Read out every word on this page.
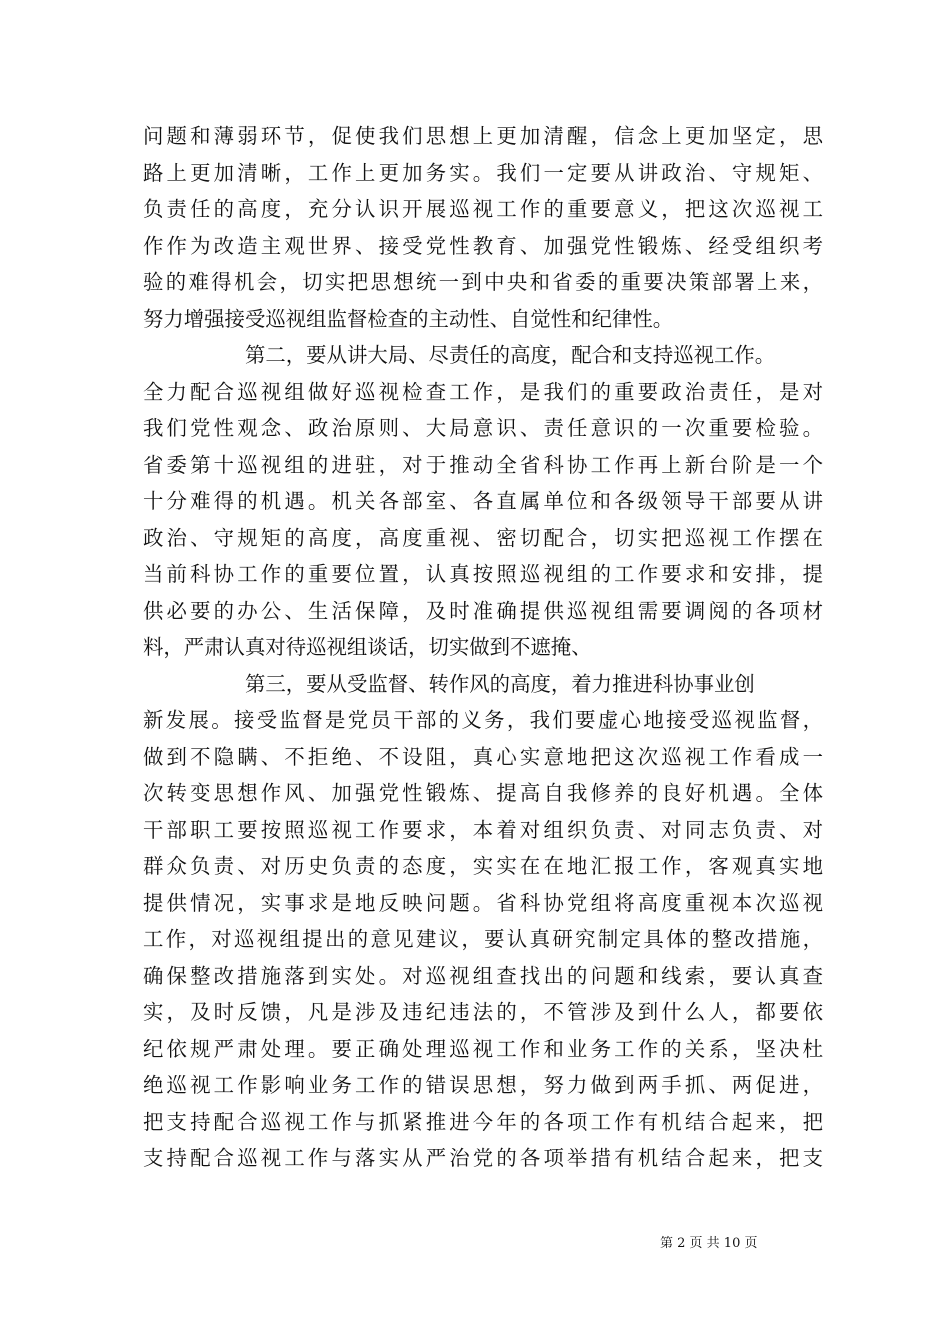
问题和薄弱环节，促使我们思想上更加清醒，信念上更加坚定，思
路上更加清晰，工作上更加务实。我们一定要从讲政治、守规矩、
负责任的高度，充分认识开展巡视工作的重要意义，把这次巡视工
作作为改造主观世界、接受党性教育、加强党性锻炼、经受组织考
验的难得机会，切实把思想统一到中央和省委的重要决策部署上来，
努力增强接受巡视组监督检查的主动性、自觉性和纪律性。
第二，要从讲大局、尽责任的高度，配合和支持巡视工作。
全力配合巡视组做好巡视检查工作，是我们的重要政治责任，是对
我们党性观念、政治原则、大局意识、责任意识的一次重要检验。
省委第十巡视组的进驻，对于推动全省科协工作再上新台阶是一个
十分难得的机遇。机关各部室、各直属单位和各级领导干部要从讲
政治、守规矩的高度，高度重视、密切配合，切实把巡视工作摆在
当前科协工作的重要位置，认真按照巡视组的工作要求和安排，提
供必要的办公、生活保障，及时准确提供巡视组需要调阅的各项材
料，严肃认真对待巡视组谈话，切实做到不遮掩、
第三，要从受监督、转作风的高度，着力推进科协事业创
新发展。接受监督是党员干部的义务，我们要虚心地接受巡视监督，
做到不隐瞒、不拒绝、不设阻，真心实意地把这次巡视工作看成一
次转变思想作风、加强党性锻炼、提高自我修养的良好机遇。全体
干部职工要按照巡视工作要求，本着对组织负责、对同志负责、对
群众负责、对历史负责的态度，实实在在地汇报工作，客观真实地
提供情况，实事求是地反映问题。省科协党组将高度重视本次巡视
工作，对巡视组提出的意见建议，要认真研究制定具体的整改措施，
确保整改措施落到实处。对巡视组查找出的问题和线索，要认真查
实，及时反馈，凡是涉及违纪违法的，不管涉及到什么人，都要依
纪依规严肃处理。要正确处理巡视工作和业务工作的关系，坚决杜
绝巡视工作影响业务工作的错误思想，努力做到两手抓、两促进，
把支持配合巡视工作与抓紧推进今年的各项工作有机结合起来，把
支持配合巡视工作与落实从严治党的各项举措有机结合起来，把支
第 2 页 共 10 页
